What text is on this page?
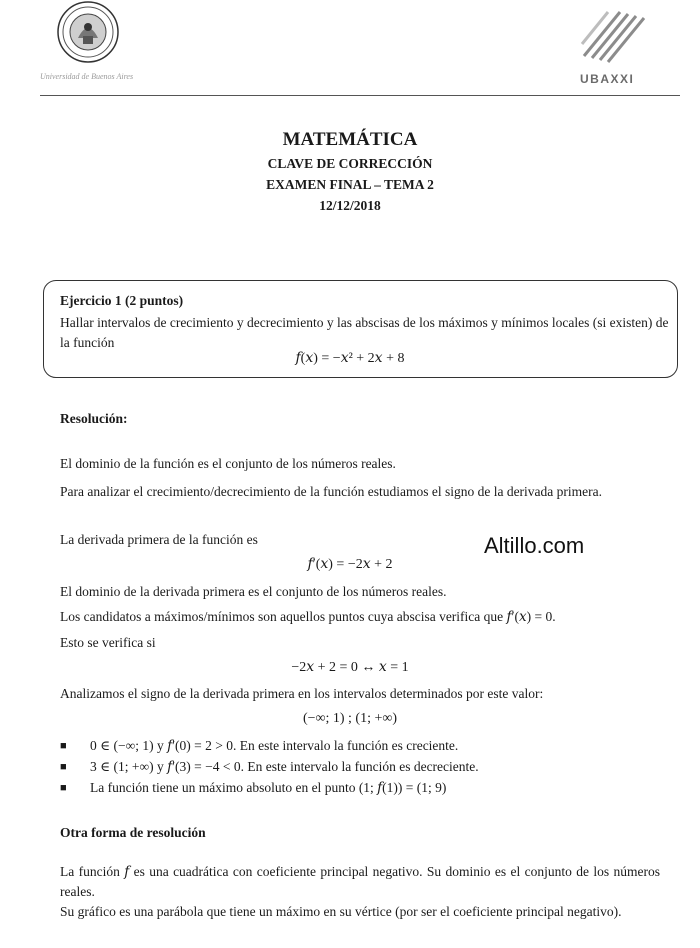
Universidad de Buenos Aires	UBAXXI
MATEMÁTICA
CLAVE DE CORRECCIÓN
EXAMEN FINAL – TEMA 2
12/12/2018
Ejercicio 1 (2 puntos)
Hallar intervalos de crecimiento y decrecimiento y las abscisas de los máximos y mínimos locales (si existen) de la función
𝑓(𝑥) = −𝑥² + 2𝑥 + 8
Resolución:
El dominio de la función es el conjunto de los números reales.
Para analizar el crecimiento/decrecimiento de la función estudiamos el signo de la derivada primera.
La derivada primera de la función es
𝑓′(𝑥) = −2𝑥 + 2
El dominio de la derivada primera es el conjunto de los números reales.
Los candidatos a máximos/mínimos son aquellos puntos cuya abscisa verifica que 𝑓′(𝑥) = 0.
Esto se verifica si
−2𝑥 + 2 = 0 ↔ 𝑥 = 1
Analizamos el signo de la derivada primera en los intervalos determinados por este valor:
(−∞; 1) ; (1; +∞)
■ 0 ∈ (−∞; 1) y 𝑓′(0) = 2 > 0. En este intervalo la función es creciente.
■ 3 ∈ (1; +∞) y 𝑓′(3) = −4 < 0. En este intervalo la función es decreciente.
■ La función tiene un máximo absoluto en el punto (1; 𝑓(1)) = (1; 9)
Otra forma de resolución
La función 𝑓 es una cuadrática con coeficiente principal negativo. Su dominio es el conjunto de los números reales.
Su gráfico es una parábola que tiene un máximo en su vértice (por ser el coeficiente principal negativo).
Altillo.com
